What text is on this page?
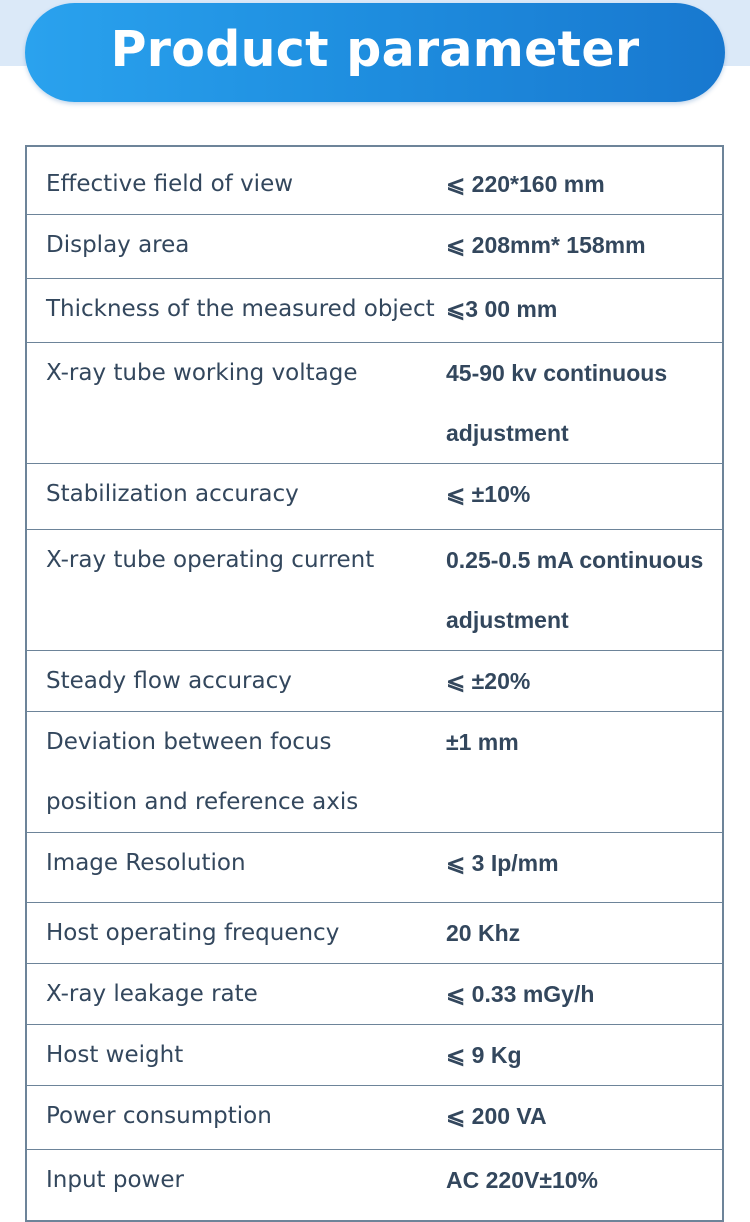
Product parameter
Effective field of view	⩽ 220*160 mm
Display area	⩽ 208mm* 158mm
Thickness of the measured object	⩽3 00 mm
X-ray tube working voltage	45-90 kv continuous
adjustment

Stabilization accuracy	⩽ ±10%
X-ray tube operating current	0.25-0.5 mA continuous
adjustment

Steady flow accuracy	⩽ ±20%

Deviation between focus
position and reference axis	±1 mm
Image Resolution	⩽ 3 Ip/mm
Host operating frequency	20 Khz
X-ray leakage rate	⩽ 0.33 mGy/h
Host weight	⩽ 9 Kg
Power consumption	⩽ 200 VA
Input power	AC 220V±10%
